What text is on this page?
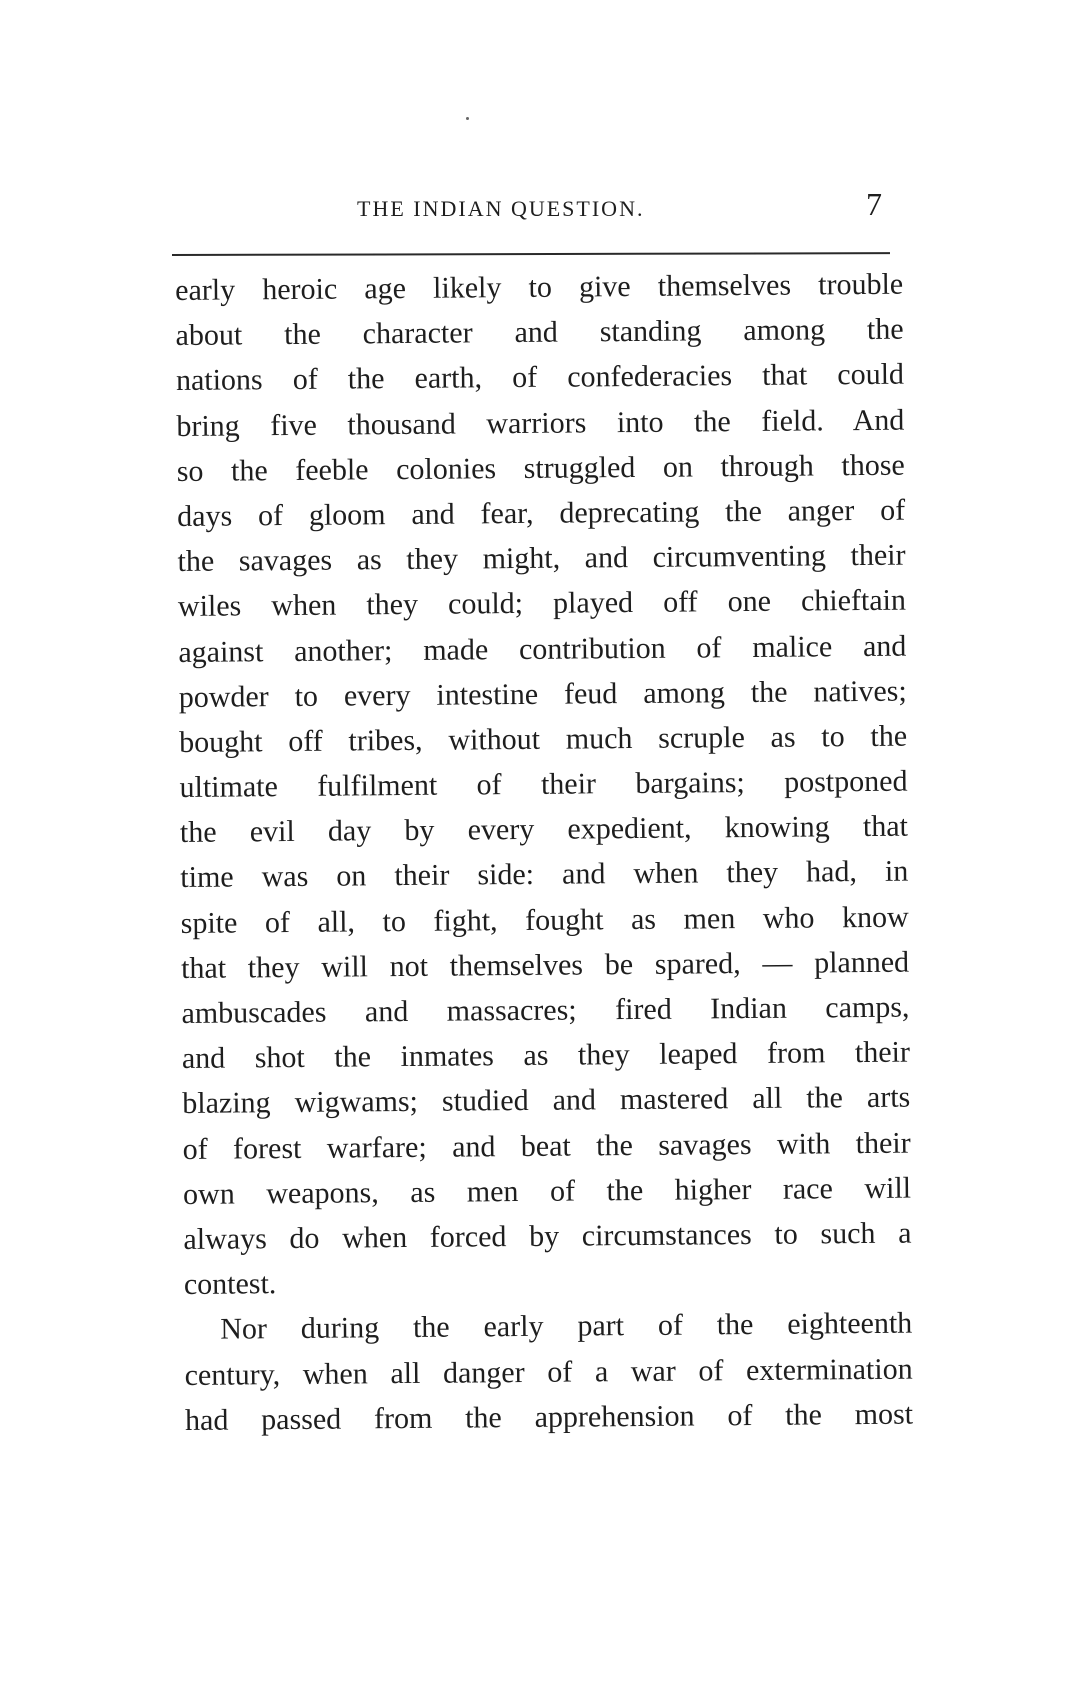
THE INDIAN QUESTION.	7
early heroic age likely to give themselves trouble
about the character and standing among the
nations of the earth, of confederacies that could
bring five thousand warriors into the field. And
so the feeble colonies struggled on through those
days of gloom and fear, deprecating the anger of
the savages as they might, and circumventing their
wiles when they could; played off one chieftain
against another; made contribution of malice and
powder to every intestine feud among the natives;
bought off tribes, without much scruple as to the
ultimate fulfilment of their bargains; postponed
the evil day by every expedient, knowing that
time was on their side: and when they had, in
spite of all, to fight, fought as men who know
that they will not themselves be spared, — planned
ambuscades and massacres; fired Indian camps,
and shot the inmates as they leaped from their
blazing wigwams; studied and mastered all the arts
of forest warfare; and beat the savages with their
own weapons, as men of the higher race will
always do when forced by circumstances to such a
contest.
Nor during the early part of the eighteenth
century, when all danger of a war of extermination
had passed from the apprehension of the most
